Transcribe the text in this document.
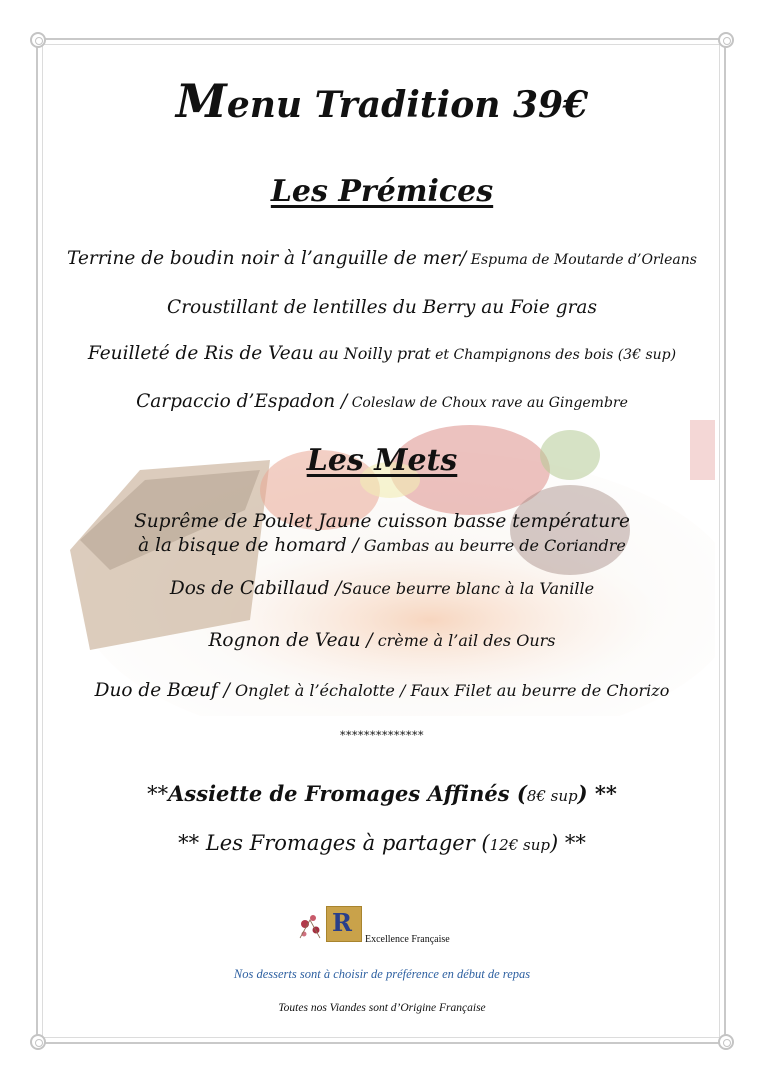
Menu Tradition 39€
Les Prémices
Terrine de boudin noir à l’anguille de mer/ Espuma de Moutarde d’Orleans
Croustillant de lentilles du Berry au Foie gras
Feuilleté de Ris de Veau au Noilly prat et Champignons des bois (3€ sup)
Carpaccio d’Espadon / Coleslaw de Choux rave au Gingembre
Les Mets
Suprême de Poulet Jaune cuisson basse température
à la bisque de homard / Gambas au beurre de Coriandre
Dos de Cabillaud /Sauce beurre blanc à la Vanille
Rognon de Veau / crème à l’ail des Ours
Duo de Bœuf / Onglet à l’échalotte / Faux Filet au beurre de Chorizo
**************
**Assiette de Fromages Affinés (8€ sup) **
** Les Fromages à partager (12€ sup) **
R
Excellence Française
Nos desserts sont à choisir de préférence en début de repas
Toutes nos Viandes sont d’Origine Française
